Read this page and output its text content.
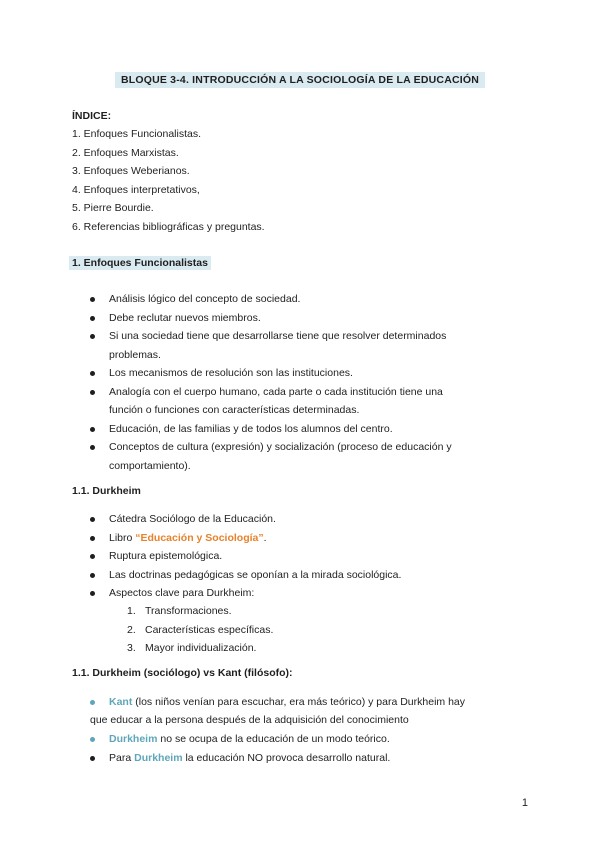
BLOQUE 3-4. INTRODUCCIÓN A LA SOCIOLOGÍA DE LA EDUCACIÓN
ÍNDICE:
1. Enfoques Funcionalistas.
2. Enfoques Marxistas.
3. Enfoques Weberianos.
4. Enfoques interpretativos,
5. Pierre Bourdie.
6. Referencias bibliográficas y preguntas.
1. Enfoques Funcionalistas
Análisis lógico del concepto de sociedad.
Debe reclutar nuevos miembros.
Si una sociedad tiene que desarrollarse tiene que resolver determinados
problemas.
Los mecanismos de resolución son las instituciones.
Analogía con el cuerpo humano, cada parte o cada institución tiene una
función o funciones con características determinadas.
Educación, de las familias y de todos los alumnos del centro.
Conceptos de cultura (expresión) y socialización (proceso de educación y
comportamiento).
1.1. Durkheim
Cátedra Sociólogo de la Educación.
Libro “Educación y Sociología”.
Ruptura epistemológica.
Las doctrinas pedagógicas se oponían a la mirada sociológica.
Aspectos clave para Durkheim:
1. Transformaciones.
2. Características específicas.
3. Mayor individualización.
1.1. Durkheim (sociólogo) vs Kant (filósofo):
Kant (los niños venían para escuchar, era más teórico) y para Durkheim hay
que educar a la persona después de la adquisición del conocimiento
Durkheim no se ocupa de la educación de un modo teórico.
Para Durkheim la educación NO provoca desarrollo natural.
1
